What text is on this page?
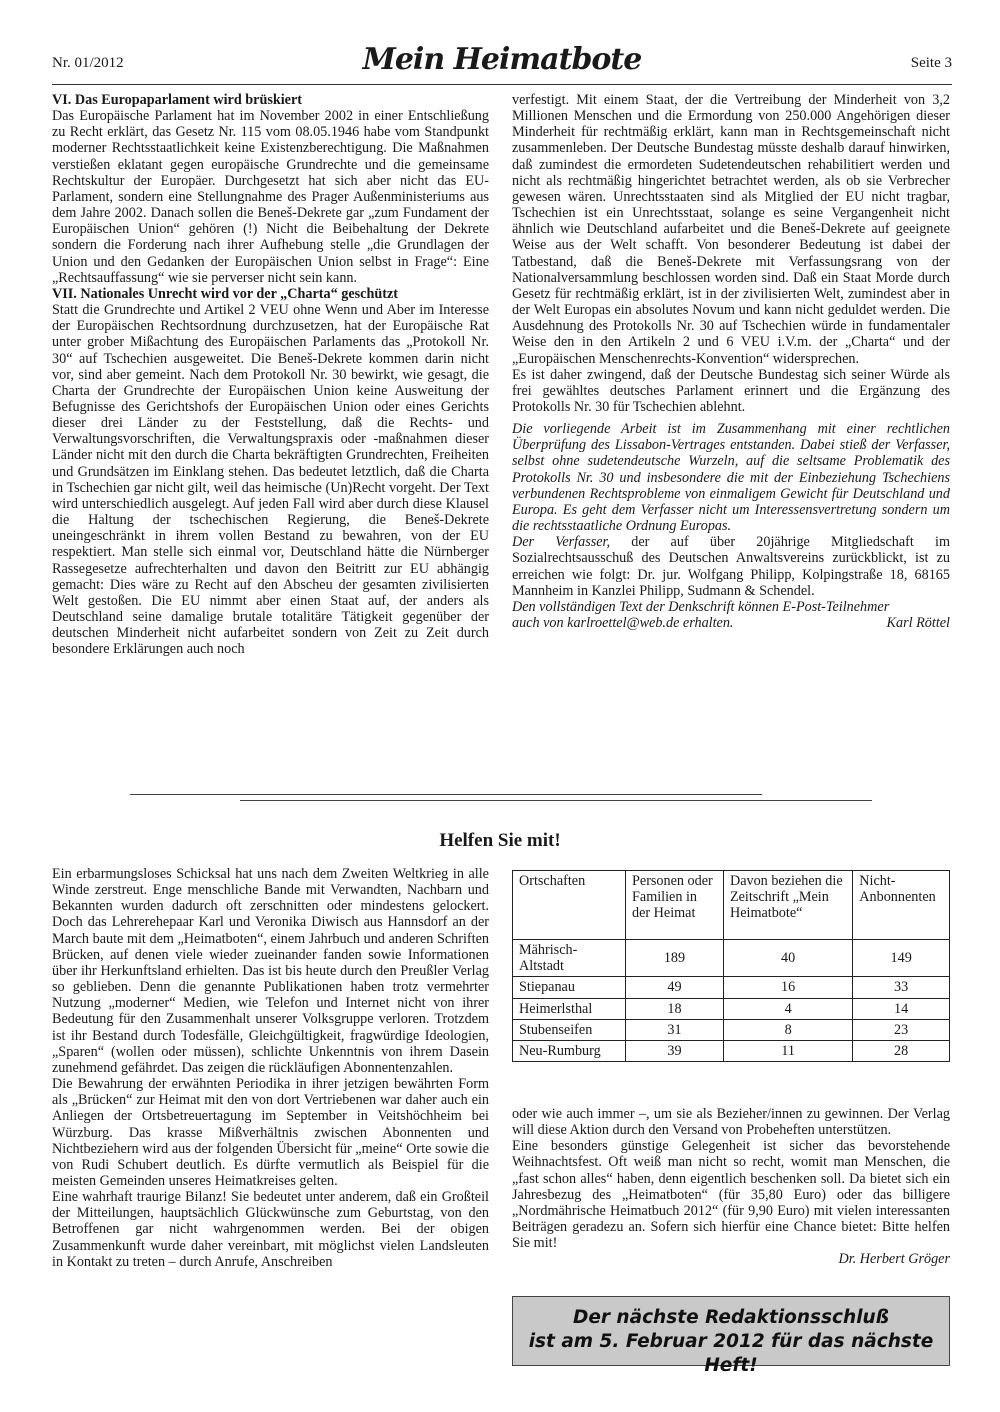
Nr. 01/2012	Mein Heimatbote	Seite 3
VI. Das Europaparlament wird brüskiert

Das Europäische Parlament hat im November 2002 in einer Entschließung zu Recht erklärt, das Gesetz Nr. 115 vom 08.05.1946 habe vom Standpunkt moderner Rechtsstaatlichkeit keine Existenzberechtigung. Die Maßnahmen verstießen eklatant gegen europäische Grundrechte und die gemeinsame Rechtskultur der Europäer. Durchgesetzt hat sich aber nicht das EU-Parlament, sondern eine Stellungnahme des Prager Außenministeriums aus dem Jahre 2002. Danach sollen die Beneš-Dekrete gar „zum Fundament der Europäischen Union“ gehören (!) Nicht die Beibehaltung der Dekrete sondern die Forderung nach ihrer Aufhebung stelle „die Grundlagen der Union und den Gedanken der Europäischen Union selbst in Frage“: Eine „Rechtsauffassung“ wie sie perverser nicht sein kann.

VII. Nationales Unrecht wird vor der „Charta“ geschützt

Statt die Grundrechte und Artikel 2 VEU ohne Wenn und Aber im Interesse der Europäischen Rechtsordnung durchzusetzen, hat der Europäische Rat unter grober Mißachtung des Europäischen Parlaments das „Protokoll Nr. 30“ auf Tschechien ausgeweitet. Die Beneš-Dekrete kommen darin nicht vor, sind aber gemeint. Nach dem Protokoll Nr. 30 bewirkt, wie gesagt, die Charta der Grundrechte der Europäischen Union keine Ausweitung der Befugnisse des Gerichtshofs der Europäischen Union oder eines Gerichts dieser drei Länder zu der Feststellung, daß die Rechts- und Verwaltungsvorschriften, die Verwaltungspraxis oder -maßnahmen dieser Länder nicht mit den durch die Charta bekräftigten Grundrechten, Freiheiten und Grundsätzen im Einklang stehen. Das bedeutet letztlich, daß die Charta in Tschechien gar nicht gilt, weil das heimische (Un)Recht vorgeht. Der Text wird unterschiedlich ausgelegt. Auf jeden Fall wird aber durch diese Klausel die Haltung der tschechischen Regierung, die Beneš-Dekrete uneingeschränkt in ihrem vollen Bestand zu bewahren, von der EU respektiert. Man stelle sich einmal vor, Deutschland hätte die Nürnberger Rassegesetze aufrechterhalten und davon den Beitritt zur EU abhängig gemacht: Dies wäre zu Recht auf den Abscheu der gesamten zivilisierten Welt gestoßen. Die EU nimmt aber einen Staat auf, der anders als Deutschland seine damalige brutale totalitäre Tätigkeit gegenüber der deutschen Minderheit nicht aufarbeitet sondern von Zeit zu Zeit durch besondere Erklärungen auch noch

verfestigt. Mit einem Staat, der die Vertreibung der Minderheit von 3,2 Millionen Menschen und die Ermordung von 250.000 Angehörigen dieser Minderheit für rechtmäßig erklärt, kann man in Rechtsgemeinschaft nicht zusammenleben. Der Deutsche Bundestag müsste deshalb darauf hinwirken, daß zumindest die ermordeten Sudetendeutschen rehabilitiert werden und nicht als rechtmäßig hingerichtet betrachtet werden, als ob sie Verbrecher gewesen wären. Unrechtsstaaten sind als Mitglied der EU nicht tragbar, Tschechien ist ein Unrechtsstaat, solange es seine Vergangenheit nicht ähnlich wie Deutschland aufarbeitet und die Beneš-Dekrete auf geeignete Weise aus der Welt schafft. Von besonderer Bedeutung ist dabei der Tatbestand, daß die Beneš-Dekrete mit Verfassungsrang von der Nationalversammlung beschlossen worden sind. Daß ein Staat Morde durch Gesetz für rechtmäßig erklärt, ist in der zivilisierten Welt, zumindest aber in der Welt Europas ein absolutes Novum und kann nicht geduldet werden. Die Ausdehnung des Protokolls Nr. 30 auf Tschechien würde in fundamentaler Weise den in den Artikeln 2 und 6 VEU i.V.m. der „Charta“ und der „Europäischen Menschenrechts-Konvention“ widersprechen.

Es ist daher zwingend, daß der Deutsche Bundestag sich seiner Würde als frei gewähltes deutsches Parlament erinnert und die Ergänzung des Protokolls Nr. 30 für Tschechien ablehnt.

Die vorliegende Arbeit ist im Zusammenhang mit einer rechtlichen Überprüfung des Lissabon-Vertrages entstanden. Dabei stieß der Verfasser, selbst ohne sudetendeutsche Wurzeln, auf die seltsame Problematik des Protokolls Nr. 30 und insbesondere die mit der Einbeziehung Tschechiens verbundenen Rechtsprobleme von einmaligem Gewicht für Deutschland und Europa. Es geht dem Verfasser nicht um Interessensvertretung sondern um die rechtsstaatliche Ordnung Europas.

Der Verfasser, der auf über 20jährige Mitgliedschaft im Sozialrechtsausschuß des Deutschen Anwaltsvereins zurückblickt, ist zu erreichen wie folgt: Dr. jur. Wolfgang Philipp, Kolpingstraße 18, 68165 Mannheim in Kanzlei Philipp, Sudmann & Schendel.

Den vollständigen Text der Denkschrift können E-Post-Teilnehmer

auch von karlroettel@web.de erhalten.	Karl Röttel
Helfen Sie mit!

Ein erbarmungsloses Schicksal hat uns nach dem Zweiten Weltkrieg in alle Winde zerstreut. Enge menschliche Bande mit Verwandten, Nachbarn und Bekannten wurden dadurch oft zerschnitten oder mindestens gelockert. Doch das Lehrerehepaar Karl und Veronika Diwisch aus Hannsdorf an der March baute mit dem „Heimatboten“, einem Jahrbuch und anderen Schriften Brücken, auf denen viele wieder zueinander fanden sowie Informationen über ihr Herkunftsland erhielten. Das ist bis heute durch den Preußler Verlag so geblieben. Denn die genannte Publikationen haben trotz vermehrter Nutzung „moderner“ Medien, wie Telefon und Internet nicht von ihrer Bedeutung für den Zusammenhalt unserer Volksgruppe verloren. Trotzdem ist ihr Bestand durch Todesfälle, Gleichgültigkeit, fragwürdige Ideologien, „Sparen“ (wollen oder müssen), schlichte Unkenntnis von ihrem Dasein zunehmend gefährdet. Das zeigen die rückläufigen Abonnentenzahlen.

Die Bewahrung der erwähnten Periodika in ihrer jetzigen bewährten Form als „Brücken“ zur Heimat mit den von dort Vertriebenen war daher auch ein Anliegen der Ortsbetreuertagung im September in Veitshöchheim bei Würzburg. Das krasse Mißverhältnis zwischen Abonnenten und Nichtbeziehern wird aus der folgenden Übersicht für „meine“ Orte sowie die von Rudi Schubert deutlich. Es dürfte vermutlich als Beispiel für die meisten Gemeinden unseres Heimatkreises gelten.

Eine wahrhaft traurige Bilanz! Sie bedeutet unter anderem, daß ein Großteil der Mitteilungen, hauptsächlich Glückwünsche zum Geburtstag, von den Betroffenen gar nicht wahrgenommen werden. Bei der obigen Zusammenkunft wurde daher vereinbart, mit möglichst vielen Landsleuten in Kontakt zu treten – durch Anrufe, Anschreiben

Ortschaften	Personen oder Familien in der Heimat	Davon beziehen die Zeitschrift „Mein Heimatbote“	Nicht-Anbonnenten
Mährisch-Altstadt	189	40	149
Stiepanau	49	16	33
Heimerlsthal	18	4	14
Stubenseifen	31	8	23
Neu-Rumburg	39	11	28

oder wie auch immer –, um sie als Bezieher/innen zu gewinnen. Der Verlag will diese Aktion durch den Versand von Probeheften unterstützen.

Eine besonders günstige Gelegenheit ist sicher das bevorstehende Weihnachtsfest. Oft weiß man nicht so recht, womit man Menschen, die „fast schon alles“ haben, denn eigentlich beschenken soll. Da bietet sich ein Jahresbezug des „Heimatboten“ (für 35,80 Euro) oder das billigere „Nordmährische Heimatbuch 2012“ (für 9,90 Euro) mit vielen interessanten Beiträgen geradezu an. Sofern sich hierfür eine Chance bietet: Bitte helfen Sie mit!

Dr. Herbert Gröger
Der nächste Redaktionsschluß
ist am 5. Februar 2012 für das nächste Heft!
